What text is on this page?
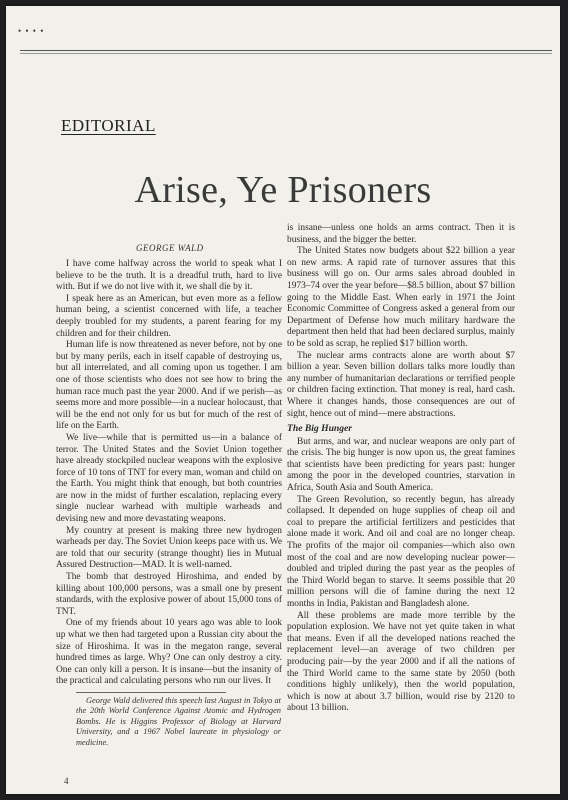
• • • •
EDITORIAL
Arise, Ye Prisoners
GEORGE WALD

I have come halfway across the world to speak what I believe to be the truth. It is a dreadful truth, hard to live with. But if we do not live with it, we shall die by it.

I speak here as an American, but even more as a fellow human being, a scientist concerned with life, a teacher deeply troubled for my students, a parent fearing for my children and for their children.

Human life is now threatened as never before, not by one but by many perils, each in itself capable of destroying us, but all interrelated, and all coming upon us together. I am one of those scientists who does not see how to bring the human race much past the year 2000. And if we perish—as seems more and more possible—in a nuclear holocaust, that will be the end not only for us but for much of the rest of life on the Earth.

We live—while that is permitted us—in a balance of terror. The United States and the Soviet Union together have already stockpiled nuclear weapons with the explosive force of 10 tons of TNT for every man, woman and child on the Earth. You might think that enough, but both countries are now in the midst of further escalation, replacing every single nuclear warhead with multiple warheads and devising new and more devastating weapons.

My country at present is making three new hydrogen warheads per day. The Soviet Union keeps pace with us. We are told that our security (strange thought) lies in Mutual Assured Destruction—MAD. It is well-named.

The bomb that destroyed Hiroshima, and ended by killing about 100,000 persons, was a small one by present standards, with the explosive power of about 15,000 tons of TNT.

One of my friends about 10 years ago was able to look up what we then had targeted upon a Russian city about the size of Hiroshima. It was in the megaton range, several hundred times as large. Why? One can only destroy a city. One can only kill a person. It is insane—but the insanity of the practical and calculating persons who run our lives. It

George Wald delivered this speech last August in Tokyo at the 20th World Conference Against Atomic and Hydrogen Bombs. He is Higgins Professor of Biology at Harvard University, and a 1967 Nobel laureate in physiology or medicine.

is insane—unless one holds an arms contract. Then it is business, and the bigger the better.

The United States now budgets about $22 billion a year on new arms. A rapid rate of turnover assures that this business will go on. Our arms sales abroad doubled in 1973–74 over the year before—$8.5 billion, about $7 billion going to the Middle East. When early in 1971 the Joint Economic Committee of Congress asked a general from our Department of Defense how much military hardware the department then held that had been declared surplus, mainly to be sold as scrap, he replied $17 billion worth.

The nuclear arms contracts alone are worth about $7 billion a year. Seven billion dollars talks more loudly than any number of humanitarian declarations or terrified people or children facing extinction. That money is real, hard cash. Where it changes hands, those consequences are out of sight, hence out of mind—mere abstractions.

The Big Hunger

But arms, and war, and nuclear weapons are only part of the crisis. The big hunger is now upon us, the great famines that scientists have been predicting for years past: hunger among the poor in the developed countries, starvation in Africa, South Asia and South America.

The Green Revolution, so recently begun, has already collapsed. It depended on huge supplies of cheap oil and coal to prepare the artificial fertilizers and pesticides that alone made it work. And oil and coal are no longer cheap. The profits of the major oil companies—which also own most of the coal and are now developing nuclear power—doubled and tripled during the past year as the peoples of the Third World began to starve. It seems possible that 20 million persons will die of famine during the next 12 months in India, Pakistan and Bangladesh alone.

All these problems are made more terrible by the population explosion. We have not yet quite taken in what that means. Even if all the developed nations reached the replacement level—an average of two children per producing pair—by the year 2000 and if all the nations of the Third World came to the same state by 2050 (both conditions highly unlikely), then the world population, which is now at about 3.7 billion, would rise by 2120 to about 13 billion.

4
